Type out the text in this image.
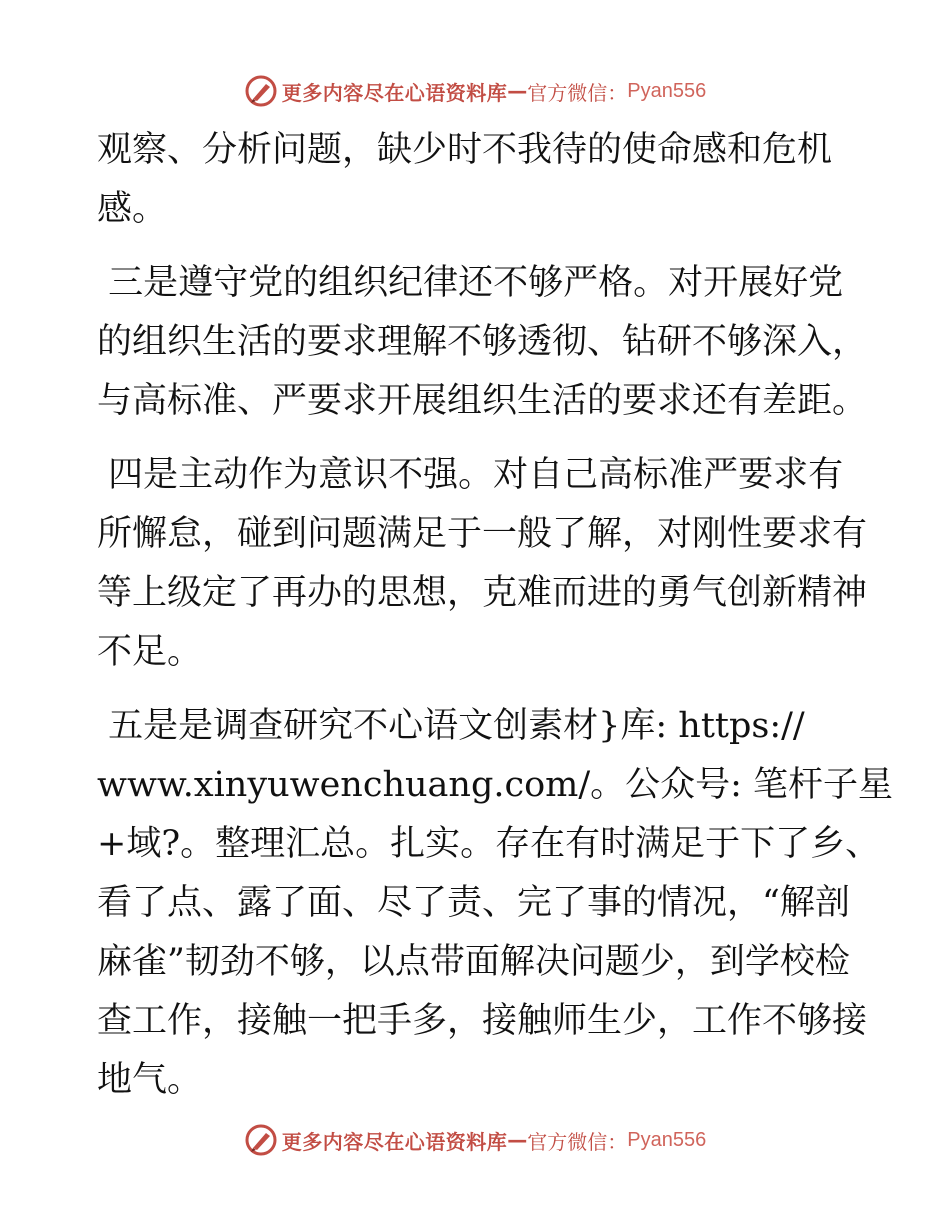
更多内容尽在心语资料库 — 官方微信： Pyan556
观察、分析问题，缺少时不我待的使命感和危机
感。
三是遵守党的组织纪律还不够严格。对开展好党
的组织生活的要求理解不够透彻、钻研不够深入，
与高标准、严要求开展组织生活的要求还有差距。
四是主动作为意识不强。对自己高标准严要求有
所懈怠，碰到问题满足于一般了解，对刚性要求有
等上级定了再办的思想，克难而进的勇气创新精神
不足。
五是是调查研究不心语文创素材}库: https://
www.xinyuwenchuang.com/。公众号: 笔杆子星
+域?。整理汇总。扎实。存在有时满足于下了乡、
看了点、露了面、尽了责、完了事的情况，“解剖
麻雀”韧劲不够，以点带面解决问题少，到学校检
查工作，接触一把手多，接触师生少，工作不够接
地气。
更多内容尽在心语资料库 — 官方微信： Pyan556
